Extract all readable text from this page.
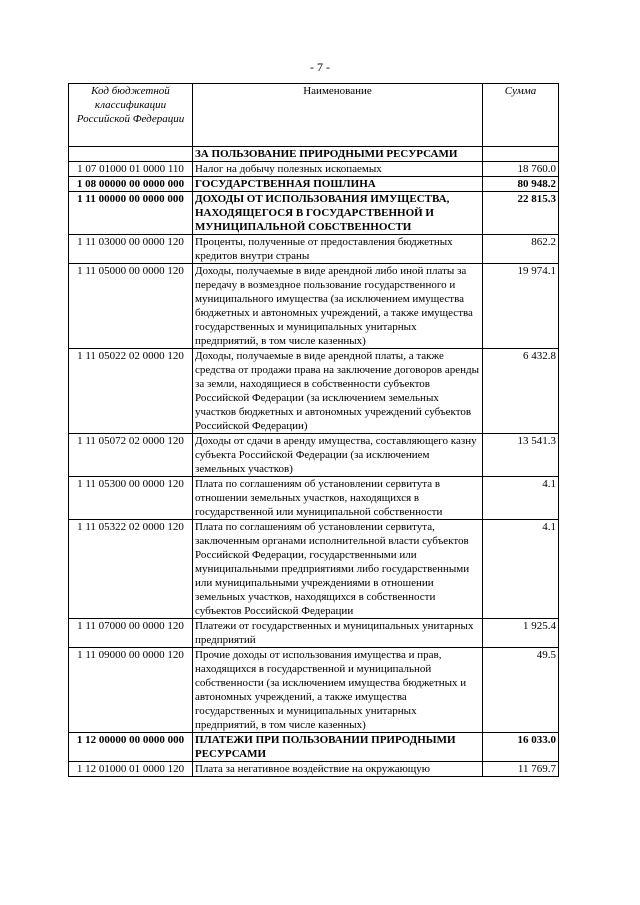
- 7 -
Код бюджетной классификации Российской Федерации	Наименование	Сумма
	ЗА ПОЛЬЗОВАНИЕ ПРИРОДНЫМИ РЕСУРСАМИ	
1 07 01000 01 0000 110	Налог на добычу полезных ископаемых	18 760.0
1 08 00000 00 0000 000	ГОСУДАРСТВЕННАЯ ПОШЛИНА	80 948.2
1 11 00000 00 0000 000	ДОХОДЫ ОТ ИСПОЛЬЗОВАНИЯ ИМУЩЕСТВА, НАХОДЯЩЕГОСЯ В ГОСУДАРСТВЕННОЙ И МУНИЦИПАЛЬНОЙ СОБСТВЕННОСТИ	22 815.3
1 11 03000 00 0000 120	Проценты, полученные от предоставления бюджетных кредитов внутри страны	862.2
1 11 05000 00 0000 120	Доходы, получаемые в виде арендной либо иной платы за передачу в возмездное пользование государственного и муниципального имущества (за исключением имущества бюджетных и автономных учреждений, а также имущества государственных и муниципальных унитарных предприятий, в том числе казенных)	19 974.1
1 11 05022 02 0000 120	Доходы, получаемые в виде арендной платы, а также средства от продажи права на заключение договоров аренды за земли, находящиеся в собственности субъектов Российской Федерации (за исключением земельных участков бюджетных и автономных учреждений субъектов Российской Федерации)	6 432.8
1 11 05072 02 0000 120	Доходы от сдачи в аренду имущества, составляющего казну субъекта Российской Федерации (за исключением земельных участков)	13 541.3
1 11 05300 00 0000 120	Плата по соглашениям об установлении сервитута в отношении земельных участков, находящихся в государственной или муниципальной собственности	4.1
1 11 05322 02 0000 120	Плата по соглашениям об установлении сервитута, заключенным органами исполнительной власти субъектов Российской Федерации, государственными или муниципальными предприятиями либо государственными или муниципальными учреждениями в отношении земельных участков, находящихся в собственности субъектов Российской Федерации	4.1
1 11 07000 00 0000 120	Платежи от государственных и муниципальных унитарных предприятий	1 925.4
1 11 09000 00 0000 120	Прочие доходы от использования имущества и прав, находящихся в государственной и муниципальной собственности (за исключением имущества бюджетных и автономных учреждений, а также имущества государственных и муниципальных унитарных предприятий, в том числе казенных)	49.5
1 12 00000 00 0000 000	ПЛАТЕЖИ ПРИ ПОЛЬЗОВАНИИ ПРИРОДНЫМИ РЕСУРСАМИ	16 033.0
1 12 01000 01 0000 120	Плата за негативное воздействие на окружающую	11 769.7
